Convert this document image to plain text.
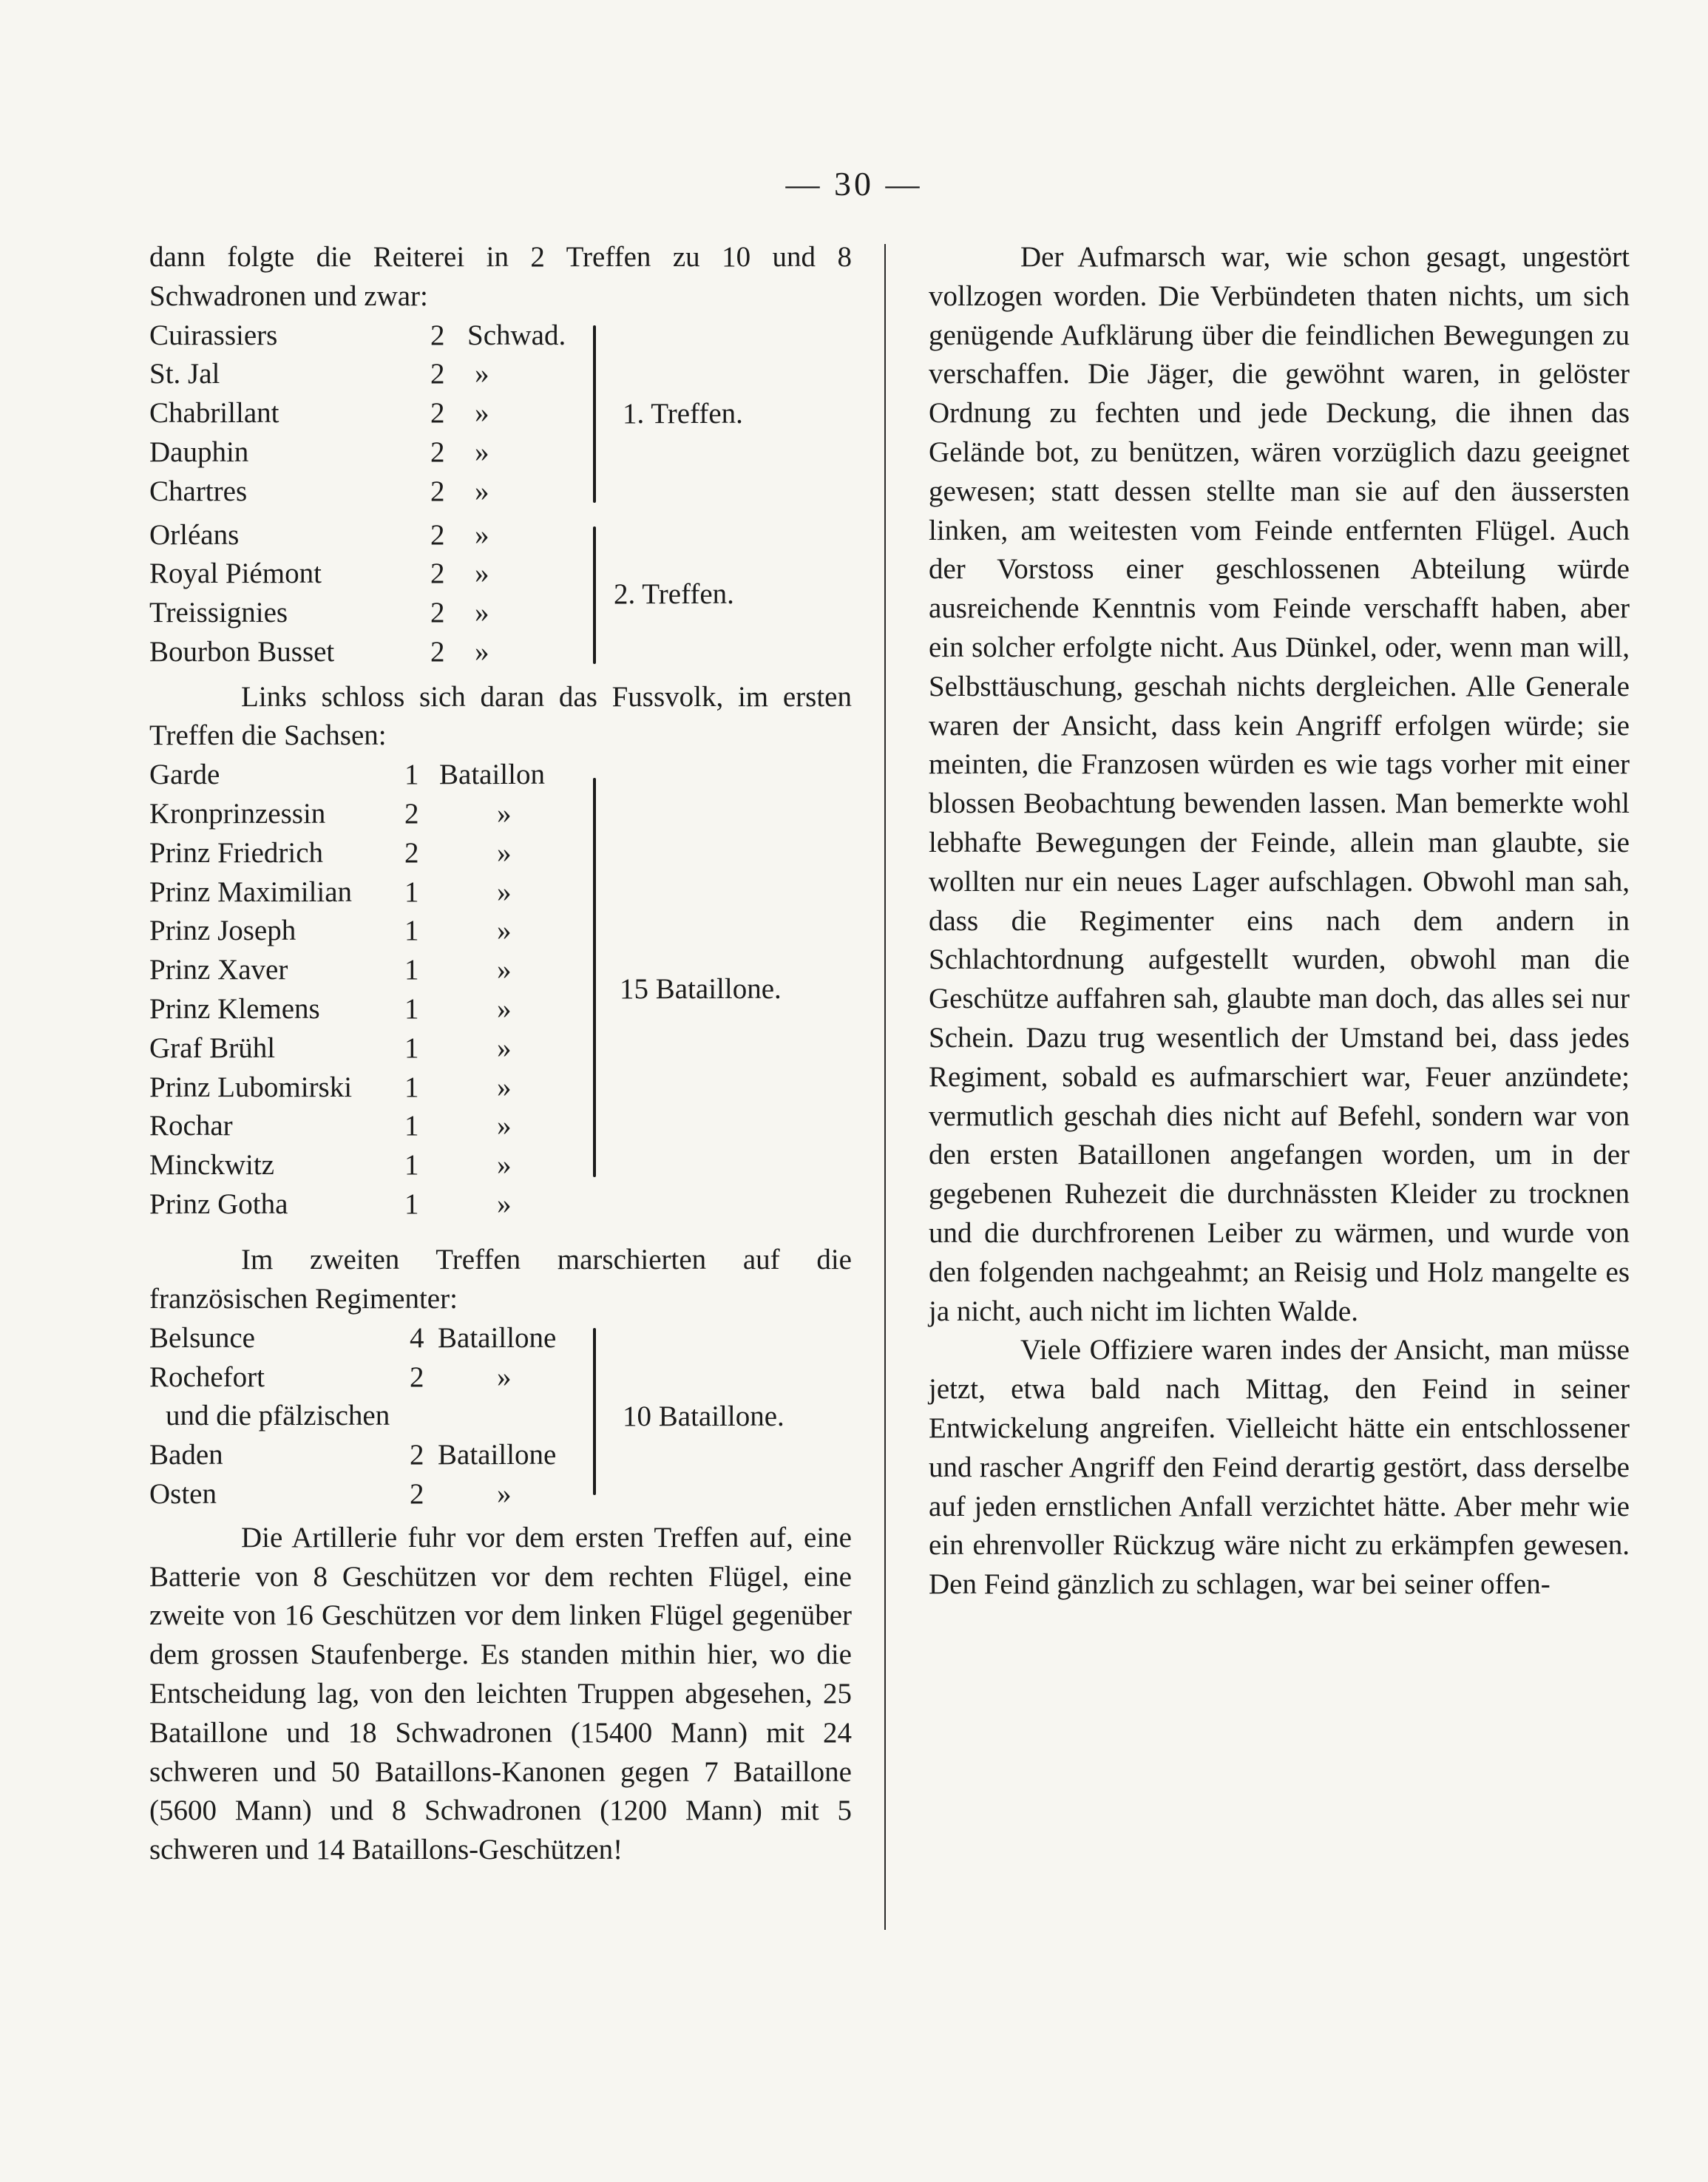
— 30 —

dann folgte die Reiterei in 2 Treffen zu 10 und 8 Schwadronen und zwar:

Cuirassiers	2 Schwad.
St. Jal	2 »
Chabrillant	2 »
Dauphin	2 »
Chartres	2 »
1. Treffen.
Orléans	2 »
Royal Piémont	2 »
Treissignies	2 »
Bourbon Busset	2 »
2. Treffen.

Links schloss sich daran das Fussvolk, im ersten Treffen die Sachsen:

Garde	1 Bataillon
Kronprinzessin	2	»
Prinz Friedrich	2	»
Prinz Maximilian 1	»
Prinz Joseph	1	»
Prinz Xaver	1	»
Prinz Klemens	1	»
Graf Brühl	1	»
Prinz Lubomirski 1	»
Rochar	1	»
Minckwitz	1	»
Prinz Gotha	1	»
15 Bataillone.

Im zweiten Treffen marschierten auf die französischen Regimenter:

Belsunce	4 Bataillone
Rochefort	2	»
und die pfälzischen
Baden	2 Bataillone
Osten	2	»
10 Bataillone.

Die Artillerie fuhr vor dem ersten Treffen auf, eine Batterie von 8 Geschützen vor dem rechten Flügel, eine zweite von 16 Geschützen vor dem linken Flügel gegenüber dem grossen Staufenberge. Es standen mithin hier, wo die Entscheidung lag, von den leichten Truppen abgesehen, 25 Bataillone und 18 Schwadronen (15400 Mann) mit 24 schweren und 50 Bataillons-Kanonen gegen 7 Bataillone (5600 Mann) und 8 Schwadronen (1200 Mann) mit 5 schweren und 14 Bataillons-Geschützen!

Der Aufmarsch war, wie schon gesagt, ungestört vollzogen worden. Die Verbündeten thaten nichts, um sich genügende Aufklärung über die feindlichen Bewegungen zu verschaffen. Die Jäger, die gewöhnt waren, in gelöster Ordnung zu fechten und jede Deckung, die ihnen das Gelände bot, zu benützen, wären vorzüglich dazu geeignet gewesen; statt dessen stellte man sie auf den äussersten linken, am weitesten vom Feinde entfernten Flügel. Auch der Vorstoss einer geschlossenen Abteilung würde ausreichende Kenntnis vom Feinde verschafft haben, aber ein solcher erfolgte nicht. Aus Dünkel, oder, wenn man will, Selbsttäuschung, geschah nichts dergleichen. Alle Generale waren der Ansicht, dass kein Angriff erfolgen würde; sie meinten, die Franzosen würden es wie tags vorher mit einer blossen Beobachtung bewenden lassen. Man bemerkte wohl lebhafte Bewegungen der Feinde, allein man glaubte, sie wollten nur ein neues Lager aufschlagen. Obwohl man sah, dass die Regimenter eins nach dem andern in Schlachtordnung aufgestellt wurden, obwohl man die Geschütze auffahren sah, glaubte man doch, das alles sei nur Schein. Dazu trug wesentlich der Umstand bei, dass jedes Regiment, sobald es aufmarschiert war, Feuer anzündete; vermutlich geschah dies nicht auf Befehl, sondern war von den ersten Bataillonen angefangen worden, um in der gegebenen Ruhezeit die durchnässten Kleider zu trocknen und die durchfrorenen Leiber zu wärmen, und wurde von den folgenden nachgeahmt; an Reisig und Holz mangelte es ja nicht, auch nicht im lichten Walde.

Viele Offiziere waren indes der Ansicht, man müsse jetzt, etwa bald nach Mittag, den Feind in seiner Entwickelung angreifen. Vielleicht hätte ein entschlossener und rascher Angriff den Feind derartig gestört, dass derselbe auf jeden ernstlichen Anfall verzichtet hätte. Aber mehr wie ein ehrenvoller Rückzug wäre nicht zu erkämpfen gewesen. Den Feind gänzlich zu schlagen, war bei seiner offen-
